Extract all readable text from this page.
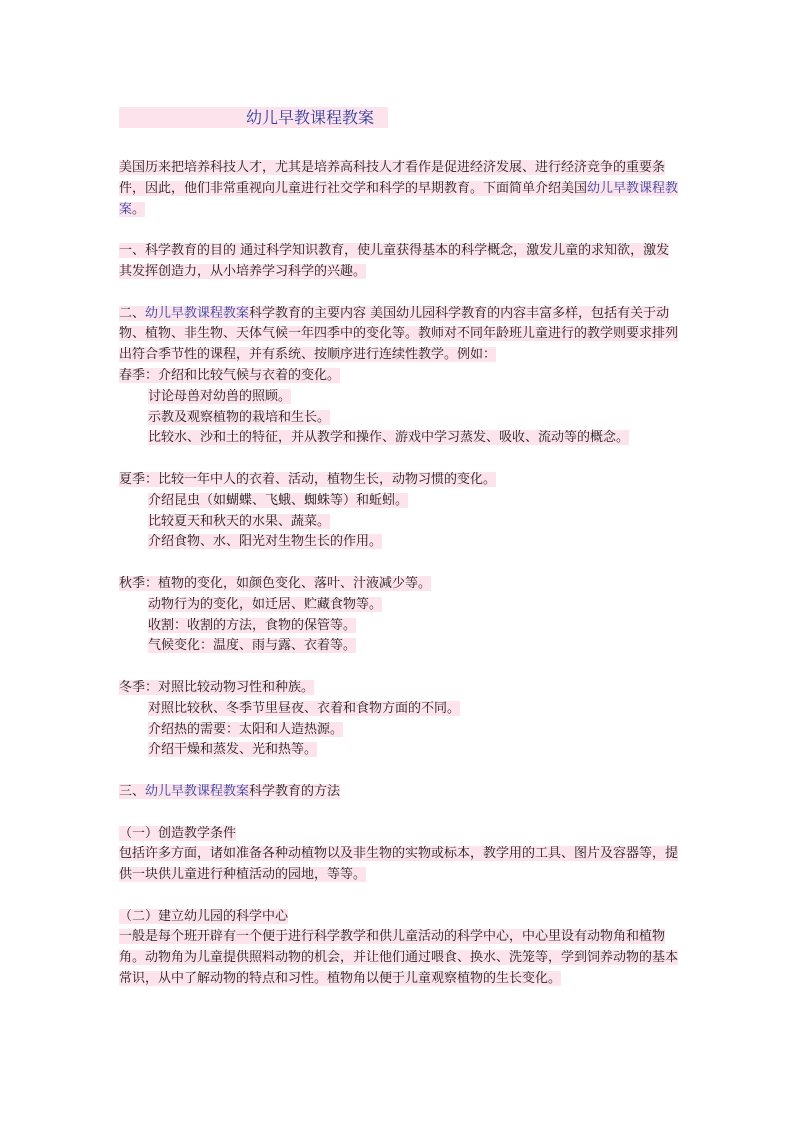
幼儿早教课程教案

美国历来把培养科技人才，尤其是培养高科技人才看作是促进经济发展、进行经济竞争的重要条件，因此，他们非常重视向儿童进行社交学和科学的早期教育。下面简单介绍美国幼儿早教课程教案。

一、科学教育的目的 通过科学知识教育，使儿童获得基本的科学概念，激发儿童的求知欲，激发其发挥创造力，从小培养学习科学的兴趣。

二、幼儿早教课程教案科学教育的主要内容 美国幼儿园科学教育的内容丰富多样，包括有关于动物、植物、非生物、天体气候一年四季中的变化等。教师对不同年龄班儿童进行的教学则要求排列出符合季节性的课程，并有系统、按顺序进行连续性教学。例如：

春季：介绍和比较气候与衣着的变化。

讨论母兽对幼兽的照顾。

示教及观察植物的栽培和生长。

比较水、沙和土的特征，并从教学和操作、游戏中学习蒸发、吸收、流动等的概念。

夏季：比较一年中人的衣着、活动，植物生长，动物习惯的变化。

介绍昆虫（如蝴蝶、飞蛾、蜘蛛等）和蚯蚓。

比较夏天和秋天的水果、蔬菜。

介绍食物、水、阳光对生物生长的作用。

秋季：植物的变化，如颜色变化、落叶、汁液减少等。

动物行为的变化，如迁居、贮藏食物等。

收割：收割的方法，食物的保管等。

气候变化：温度、雨与露、衣着等。

冬季：对照比较动物习性和种族。

对照比较秋、冬季节里昼夜、衣着和食物方面的不同。

介绍热的需要：太阳和人造热源。

介绍干燥和蒸发、光和热等。

三、幼儿早教课程教案科学教育的方法

（一）创造教学条件

包括许多方面，诸如准备各种动植物以及非生物的实物或标本，教学用的工具、图片及容器等，提供一块供儿童进行种植活动的园地，等等。

（二）建立幼儿园的科学中心

一般是每个班开辟有一个便于进行科学教学和供儿童活动的科学中心，中心里设有动物角和植物角。动物角为儿童提供照料动物的机会，并让他们通过喂食、换水、洗笼等，学到饲养动物的基本常识，从中了解动物的特点和习性。植物角以便于儿童观察植物的生长变化。
